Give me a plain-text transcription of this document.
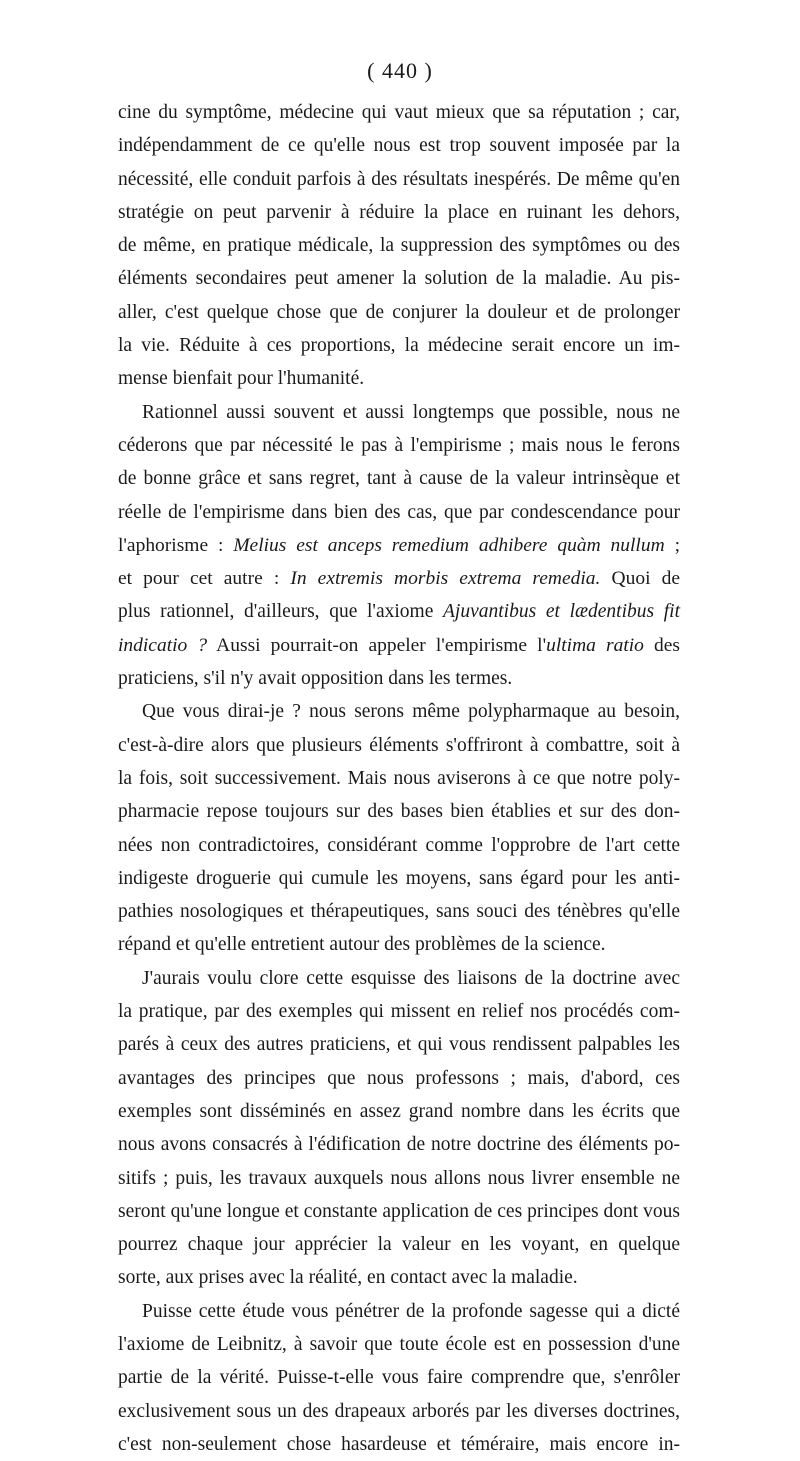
( 440 )
cine du symptôme, médecine qui vaut mieux que sa réputation ; car,
indépendamment de ce qu'elle nous est trop souvent imposée par la
nécessité, elle conduit parfois à des résultats inespérés. De même qu'en
stratégie on peut parvenir à réduire la place en ruinant les dehors,
de même, en pratique médicale, la suppression des symptômes ou des
éléments secondaires peut amener la solution de la maladie. Au pis-
aller, c'est quelque chose que de conjurer la douleur et de prolonger
la vie. Réduite à ces proportions, la médecine serait encore un im-
mense bienfait pour l'humanité.
Rationnel aussi souvent et aussi longtemps que possible, nous ne
céderons que par nécessité le pas à l'empirisme ; mais nous le ferons
de bonne grâce et sans regret, tant à cause de la valeur intrinsèque et
réelle de l'empirisme dans bien des cas, que par condescendance pour
l'aphorisme : Melius est anceps remedium adhibere quàm nullum ;
et pour cet autre : In extremis morbis extrema remedia. Quoi de
plus rationnel, d'ailleurs, que l'axiome Ajuvantibus et lædentibus fit
indicatio ? Aussi pourrait-on appeler l'empirisme l'ultima ratio des
praticiens, s'il n'y avait opposition dans les termes.
Que vous dirai-je ? nous serons même polypharmaque au besoin,
c'est-à-dire alors que plusieurs éléments s'offriront à combattre, soit à
la fois, soit successivement. Mais nous aviserons à ce que notre poly-
pharmacie repose toujours sur des bases bien établies et sur des don-
nées non contradictoires, considérant comme l'opprobre de l'art cette
indigeste droguerie qui cumule les moyens, sans égard pour les anti-
pathies nosologiques et thérapeutiques, sans souci des ténèbres qu'elle
répand et qu'elle entretient autour des problèmes de la science.
J'aurais voulu clore cette esquisse des liaisons de la doctrine avec
la pratique, par des exemples qui missent en relief nos procédés com-
parés à ceux des autres praticiens, et qui vous rendissent palpables les
avantages des principes que nous professons ; mais, d'abord, ces
exemples sont disséminés en assez grand nombre dans les écrits que
nous avons consacrés à l'édification de notre doctrine des éléments po-
sitifs ; puis, les travaux auxquels nous allons nous livrer ensemble ne
seront qu'une longue et constante application de ces principes dont vous
pourrez chaque jour apprécier la valeur en les voyant, en quelque
sorte, aux prises avec la réalité, en contact avec la maladie.
Puisse cette étude vous pénétrer de la profonde sagesse qui a dicté
l'axiome de Leibnitz, à savoir que toute école est en possession d'une
partie de la vérité. Puisse-t-elle vous faire comprendre que, s'enrôler
exclusivement sous un des drapeaux arborés par les diverses doctrines,
c'est non-seulement chose hasardeuse et téméraire, mais encore in-
